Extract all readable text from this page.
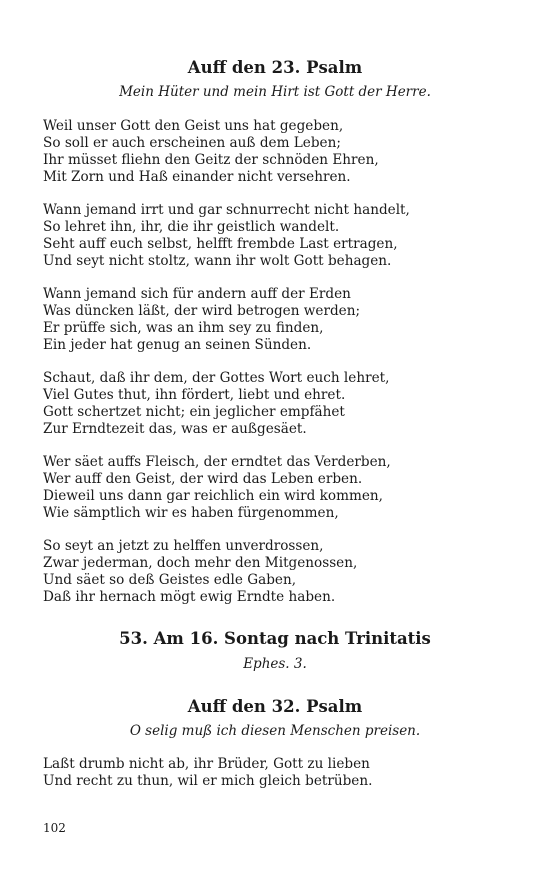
Auff den 23. Psalm

Mein Hüter und mein Hirt ist Gott der Herre.

Weil unser Gott den Geist uns hat gegeben,
So soll er auch erscheinen auß dem Leben;
Ihr müsset fliehn den Geitz der schnöden Ehren,
Mit Zorn und Haß einander nicht versehren.
Wann jemand irrt und gar schnurrecht nicht handelt,
So lehret ihn, ihr, die ihr geistlich wandelt.
Seht auff euch selbst, helfft frembde Last ertragen,
Und seyt nicht stoltz, wann ihr wolt Gott behagen.
Wann jemand sich für andern auff der Erden
Was düncken läßt, der wird betrogen werden;
Er prüffe sich, was an ihm sey zu finden,
Ein jeder hat genug an seinen Sünden.
Schaut, daß ihr dem, der Gottes Wort euch lehret,
Viel Gutes thut, ihn fördert, liebt und ehret.
Gott schertzet nicht; ein jeglicher empfähet
Zur Erndtezeit das, was er außgesäet.
Wer säet auffs Fleisch, der erndtet das Verderben,
Wer auff den Geist, der wird das Leben erben.
Dieweil uns dann gar reichlich ein wird kommen,
Wie sämptlich wir es haben fürgenommen,
So seyt an jetzt zu helffen unverdrossen,
Zwar jederman, doch mehr den Mitgenossen,
Und säet so deß Geistes edle Gaben,
Daß ihr hernach mögt ewig Erndte haben.
53. Am 16. Sontag nach Trinitatis

Ephes. 3.

Auff den 32. Psalm

O selig muß ich diesen Menschen preisen.

Laßt drumb nicht ab, ihr Brüder, Gott zu lieben
Und recht zu thun, wil er mich gleich betrüben.
102
